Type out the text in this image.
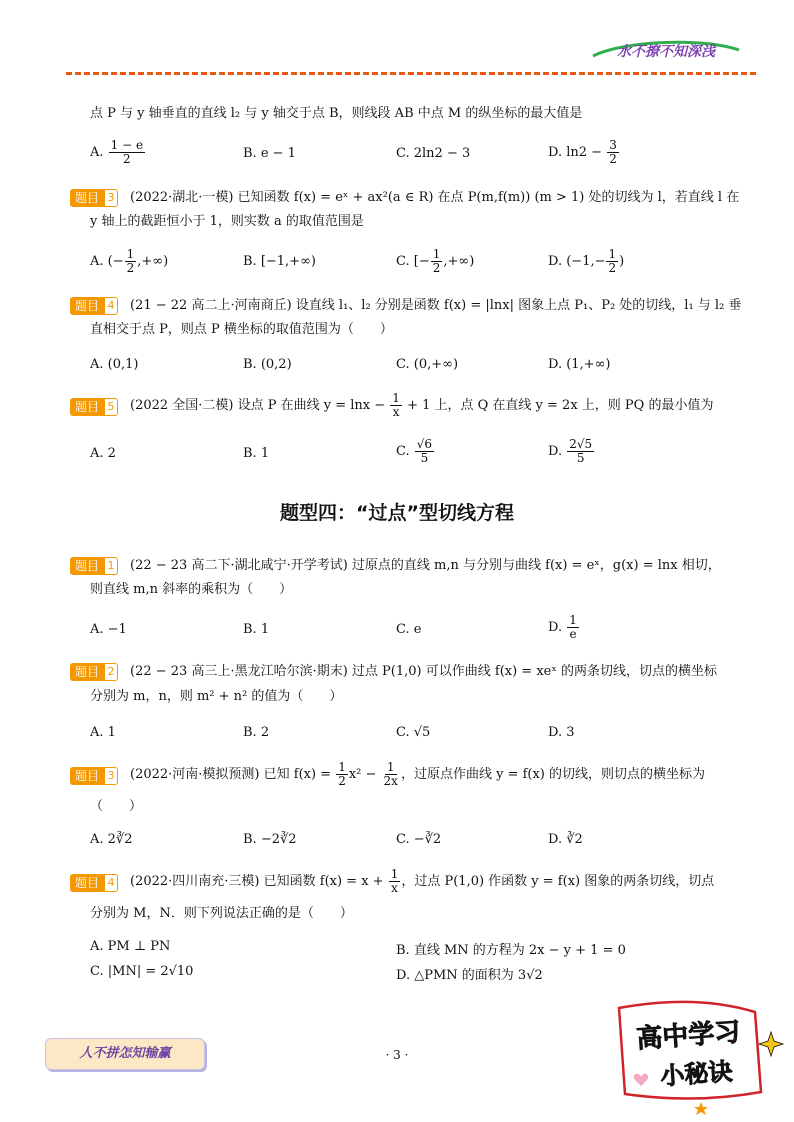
水不撩不知深浅
点 P 与 y 轴垂直的直线 l₂ 与 y 轴交于点 B，则线段 AB 中点 M 的纵坐标的最大值是
A. $\frac{1 - e}{2}$	B. e − 1	C. 2ln2 − 3	D. $\ln 2 - \frac{3}{2}$
题目 3 (2022·湖北·一模) 已知函数 f(x) = eˣ + ax²(a ∈ R) 在点 P(m,f(m)) (m > 1) 处的切线为 l，若直线 l 在
y 轴上的截距恒小于 1，则实数 a 的取值范围是
A. (− $\frac{1}{2}$ ,+∞)	B. [−1,+∞)	C. [− $\frac{1}{2}$ ,+∞)	D. ($-1,- \frac{1}{2}$ )
题目 4 (21 − 22 高二上·河南商丘) 设直线 l₁、l₂ 分别是函数 f(x) = |lnx| 图象上点 P₁、P₂ 处的切线，l₁ 与 l₂ 垂
直相交于点 P，则点 P 横坐标的取值范围为（　　）
A. (0,1)	B. (0,2)	C. (0,+∞)	D. (1,+∞)
题目 5 (2022 全国·二模) 设点 P 在曲线 $y = \ln x - \frac{1}{x} + 1$ 上，点 Q 在直线 y = 2x 上，则 PQ 的最小值为
A. 2	B. 1	C. $\frac{√6}{5}$	D. $\frac{2√5}{5}$
题型四：“过点”型切线方程
题目 1 (22 − 23 高二下·湖北咸宁·开学考试) 过原点的直线 m,n 与分别与曲线 f(x) = eˣ，g(x) = lnx 相切，
则直线 m,n 斜率的乘积为（　　）
A. −1	B. 1	C. e	D. $\frac{1}{e}$
题目 2 (22 − 23 高三上·黑龙江哈尔滨·期末) 过点 P(1,0) 可以作曲线 f(x) = xeˣ 的两条切线，切点的横坐标
分别为 m，n，则 m² + n² 的值为（　　）
A. 1	B. 2	C. √5	D. 3
题目 3 (2022·河南·模拟预测) 已知 $f(x) = \frac{1}{2} x^2 - \frac{1}{2x}$ ，过原点作曲线 y = f(x) 的切线，则切点的横坐标为
（　　）
A. 2∛2	B. −2∛2	C. −∛2	D. ∛2
题目 4 (2022·四川南充·三模) 已知函数 $f(x) = x + \frac{1}{x}$ ，过点 P(1,0) 作函数 y = f(x) 图象的两条切线，切点
分别为 M，N．则下列说法正确的是（　　）
A. PM ⊥ PN	B. 直线 MN 的方程为 2x − y + 1 = 0
C. |MN| = 2√10	D. △PMN 的面积为 3√2
人不拼怎知输赢	· 3 ·
高中学习
小秘诀
